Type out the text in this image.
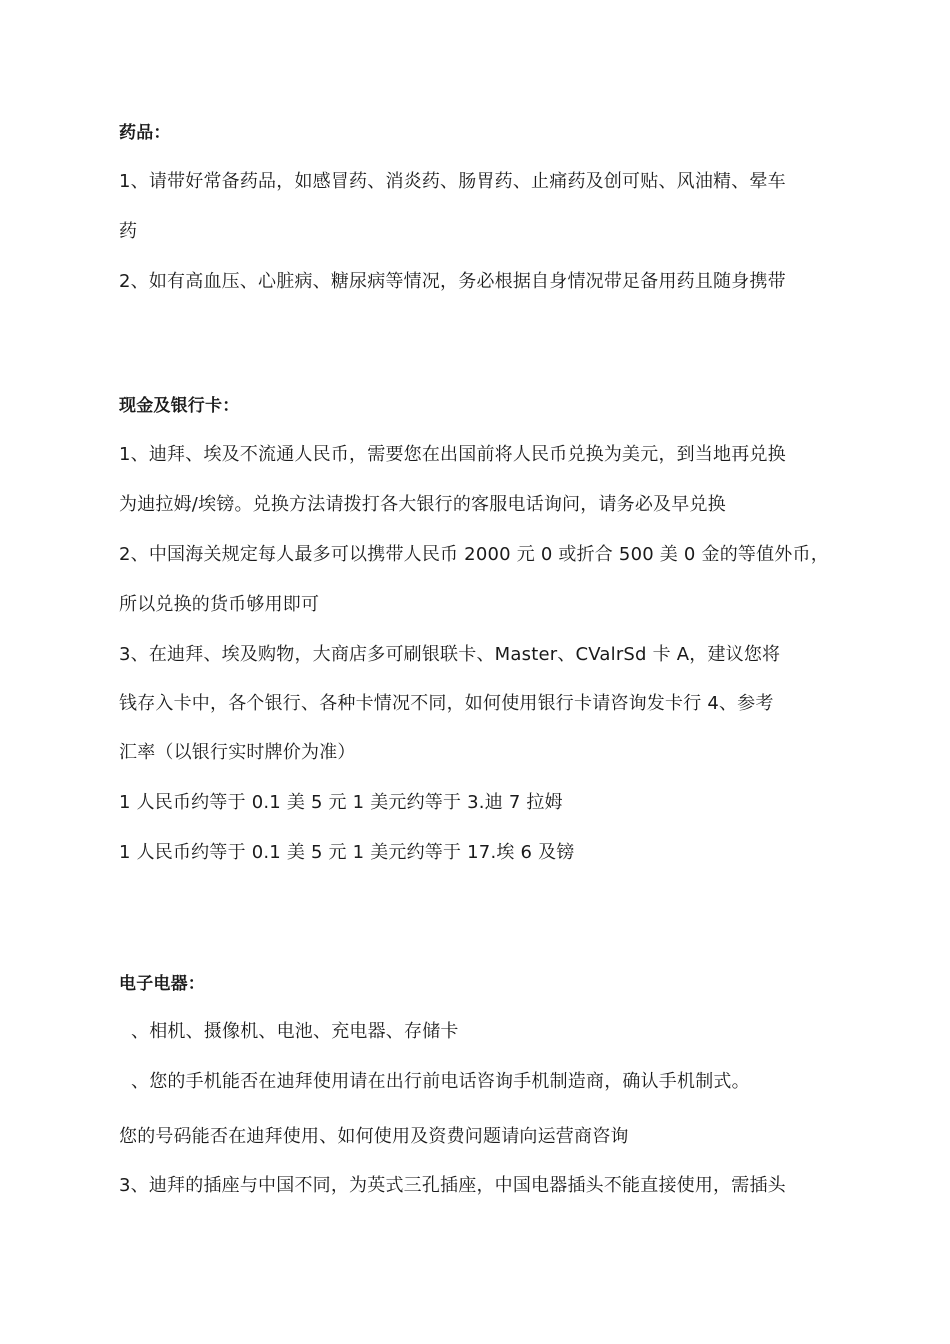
药品：
1、请带好常备药品，如感冒药、消炎药、肠胃药、止痛药及创可贴、风油精、晕车
药
2、如有高血压、心脏病、糖尿病等情况，务必根据自身情况带足备用药且随身携带
现金及银行卡：
1、迪拜、埃及不流通人民币，需要您在出国前将人民币兑换为美元，到当地再兑换
为迪拉姆/埃镑。兑换方法请拨打各大银行的客服电话询问，请务必及早兑换
2、中国海关规定每人最多可以携带人民币 2000 元 0 或折合 500 美 0 金的等值外币，
所以兑换的货币够用即可
3、在迪拜、埃及购物，大商店多可刷银联卡、Master、CValrSd 卡 A，建议您将
钱存入卡中，各个银行、各种卡情况不同，如何使用银行卡请咨询发卡行 4、参考
汇率（以银行实时牌价为准）
1 人民币约等于 0.1 美 5 元 1 美元约等于 3.迪 7 拉姆
1 人民币约等于 0.1 美 5 元 1 美元约等于 17.埃 6 及镑
电子电器：
、相机、摄像机、电池、充电器、存储卡
、您的手机能否在迪拜使用请在出行前电话咨询手机制造商，确认手机制式。
您的号码能否在迪拜使用、如何使用及资费问题请向运营商咨询
3、迪拜的插座与中国不同，为英式三孔插座，中国电器插头不能直接使用，需插头
